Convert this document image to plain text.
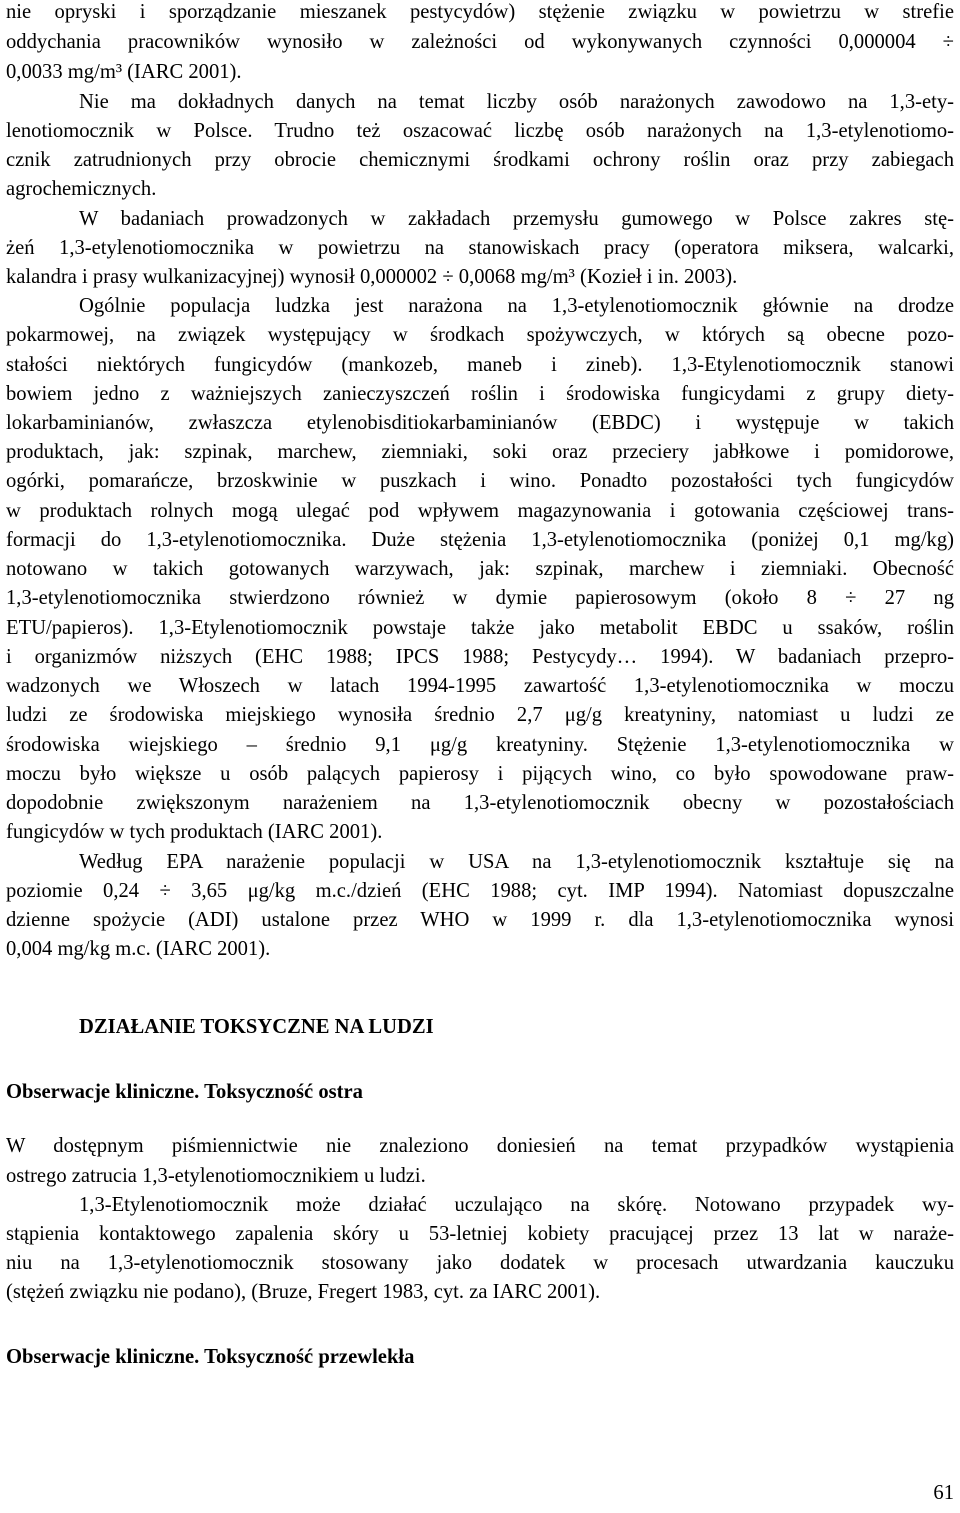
nie opryski i sporządzanie mieszanek pestycydów) stężenie związku w powietrzu w strefie
oddychania pracowników wynosiło w zależności od wykonywanych czynności 0,000004 ÷
0,0033 mg/m³ (IARC 2001).
Nie ma dokładnych danych na temat liczby osób narażonych zawodowo na 1,3-ety-
lenotiomocznik w Polsce. Trudno też oszacować liczbę osób narażonych na 1,3-etylenotiomo-
cznik zatrudnionych przy obrocie chemicznymi środkami ochrony roślin oraz przy zabiegach
agrochemicznych.
W badaniach prowadzonych w zakładach przemysłu gumowego w Polsce zakres stę-
żeń 1,3-etylenotiomocznika w powietrzu na stanowiskach pracy (operatora miksera, walcarki,
kalandra i prasy wulkanizacyjnej) wynosił 0,000002 ÷ 0,0068 mg/m³ (Kozieł i in. 2003).
Ogólnie populacja ludzka jest narażona na 1,3-etylenotiomocznik głównie na drodze
pokarmowej, na związek występujący w środkach spożywczych, w których są obecne pozo-
stałości niektórych fungicydów (mankozeb, maneb i zineb). 1,3-Etylenotiomocznik stanowi
bowiem jedno z ważniejszych zanieczyszczeń roślin i środowiska fungicydami z grupy diety-
lokarbaminianów, zwłaszcza etylenobisditiokarbaminianów (EBDC) i występuje w takich
produktach, jak: szpinak, marchew, ziemniaki, soki oraz przeciery jabłkowe i pomidorowe,
ogórki, pomarańcze, brzoskwinie w puszkach i wino. Ponadto pozostałości tych fungicydów
w produktach rolnych mogą ulegać pod wpływem magazynowania i gotowania częściowej trans-
formacji do 1,3-etylenotiomocznika. Duże stężenia 1,3-etylenotiomocznika (poniżej 0,1 mg/kg)
notowano w takich gotowanych warzywach, jak: szpinak, marchew i ziemniaki. Obecność
1,3-etylenotiomocznika stwierdzono również w dymie papierosowym (około 8 ÷ 27 ng
ETU/papieros). 1,3-Etylenotiomocznik powstaje także jako metabolit EBDC u ssaków, roślin
i organizmów niższych (EHC 1988; IPCS 1988; Pestycydy… 1994). W badaniach przepro-
wadzonych we Włoszech w latach 1994-1995 zawartość 1,3-etylenotiomocznika w moczu
ludzi ze środowiska miejskiego wynosiła średnio 2,7 μg/g kreatyniny, natomiast u ludzi ze
środowiska wiejskiego – średnio 9,1 μg/g kreatyniny. Stężenie 1,3-etylenotiomocznika w
moczu było większe u osób palących papierosy i pijących wino, co było spowodowane praw-
dopodobnie zwiększonym narażeniem na 1,3-etylenotiomocznik obecny w pozostałościach
fungicydów w tych produktach (IARC 2001).
Według EPA narażenie populacji w USA na 1,3-etylenotiomocznik kształtuje się na
poziomie 0,24 ÷ 3,65 μg/kg m.c./dzień (EHC 1988; cyt. IMP 1994). Natomiast dopuszczalne
dzienne spożycie (ADI) ustalone przez WHO w 1999 r. dla 1,3-etylenotiomocznika wynosi
0,004 mg/kg m.c. (IARC 2001).
DZIAŁANIE TOKSYCZNE NA LUDZI
Obserwacje kliniczne. Toksyczność ostra
W dostępnym piśmiennictwie nie znaleziono doniesień na temat przypadków wystąpienia
ostrego zatrucia 1,3-etylenotiomocznikiem u ludzi.
1,3-Etylenotiomocznik może działać uczulająco na skórę. Notowano przypadek wy-
stąpienia kontaktowego zapalenia skóry u 53-letniej kobiety pracującej przez 13 lat w naraże-
niu na 1,3-etylenotiomocznik stosowany jako dodatek w procesach utwardzania kauczuku
(stężeń związku nie podano), (Bruze, Fregert 1983, cyt. za IARC 2001).
Obserwacje kliniczne. Toksyczność przewlekła
61
